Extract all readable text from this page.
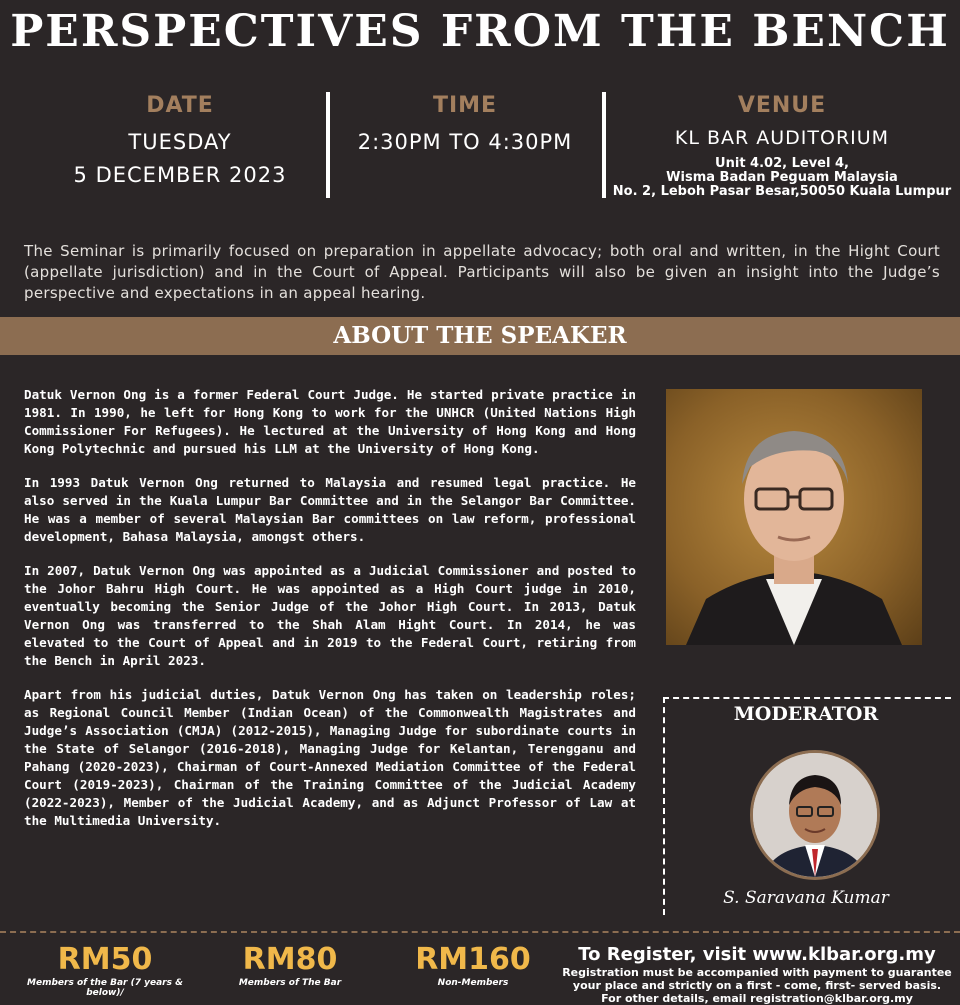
PERSPECTIVES FROM THE BENCH
DATE
TUESDAY
5 DECEMBER 2023
TIME
2:30PM TO 4:30PM
VENUE
KL BAR AUDITORIUM
Unit 4.02, Level 4,
Wisma Badan Peguam Malaysia
No. 2, Leboh Pasar Besar,50050 Kuala Lumpur
The Seminar is primarily focused on preparation in appellate advocacy; both oral and written, in the Hight Court (appellate jurisdiction) and in the Court of Appeal. Participants will also be given an insight into the Judge’s perspective and expectations in an appeal hearing.
ABOUT THE SPEAKER

Datuk Vernon Ong is a former Federal Court Judge. He started private practice in 1981. In 1990, he left for Hong Kong to work for the UNHCR (United Nations High Commissioner For Refugees). He lectured at the University of Hong Kong and Hong Kong Polytechnic and pursued his LLM at the University of Hong Kong.

In 1993 Datuk Vernon Ong returned to Malaysia and resumed legal practice. He also served in the Kuala Lumpur Bar Committee and in the Selangor Bar Committee. He was a member of several Malaysian Bar committees on law reform, professional development, Bahasa Malaysia, amongst others.

In 2007, Datuk Vernon Ong was appointed as a Judicial Commissioner and posted to the Johor Bahru High Court. He was appointed as a High Court judge in 2010, eventually becoming the Senior Judge of the Johor High Court. In 2013, Datuk Vernon Ong was transferred to the Shah Alam Hight Court. In 2014, he was elevated to the Court of Appeal and in 2019 to the Federal Court, retiring from the Bench in April 2023.

Apart from his judicial duties, Datuk Vernon Ong has taken on leadership roles; as Regional Council Member (Indian Ocean) of the Commonwealth Magistrates and Judge’s Association (CMJA) (2012-2015), Managing Judge for subordinate courts in the State of Selangor (2016-2018), Managing Judge for Kelantan, Terengganu and Pahang (2020-2023), Chairman of Court-Annexed Mediation Committee of the Federal Court (2019-2023), Chairman of the Training Committee of the Judicial Academy (2022-2023), Member of the Judicial Academy, and as Adjunct Professor of Law at the Multimedia University.

MODERATOR
S. Saravana Kumar
RM50
Members of the Bar (7 years & below)/
RM80
Members of The Bar
RM160
Non-Members
To Register, visit www.klbar.org.my
Registration must be accompanied with payment to guarantee
your place and strictly on a first - come, first- served basis.
For other details, email registration@klbar.org.my
